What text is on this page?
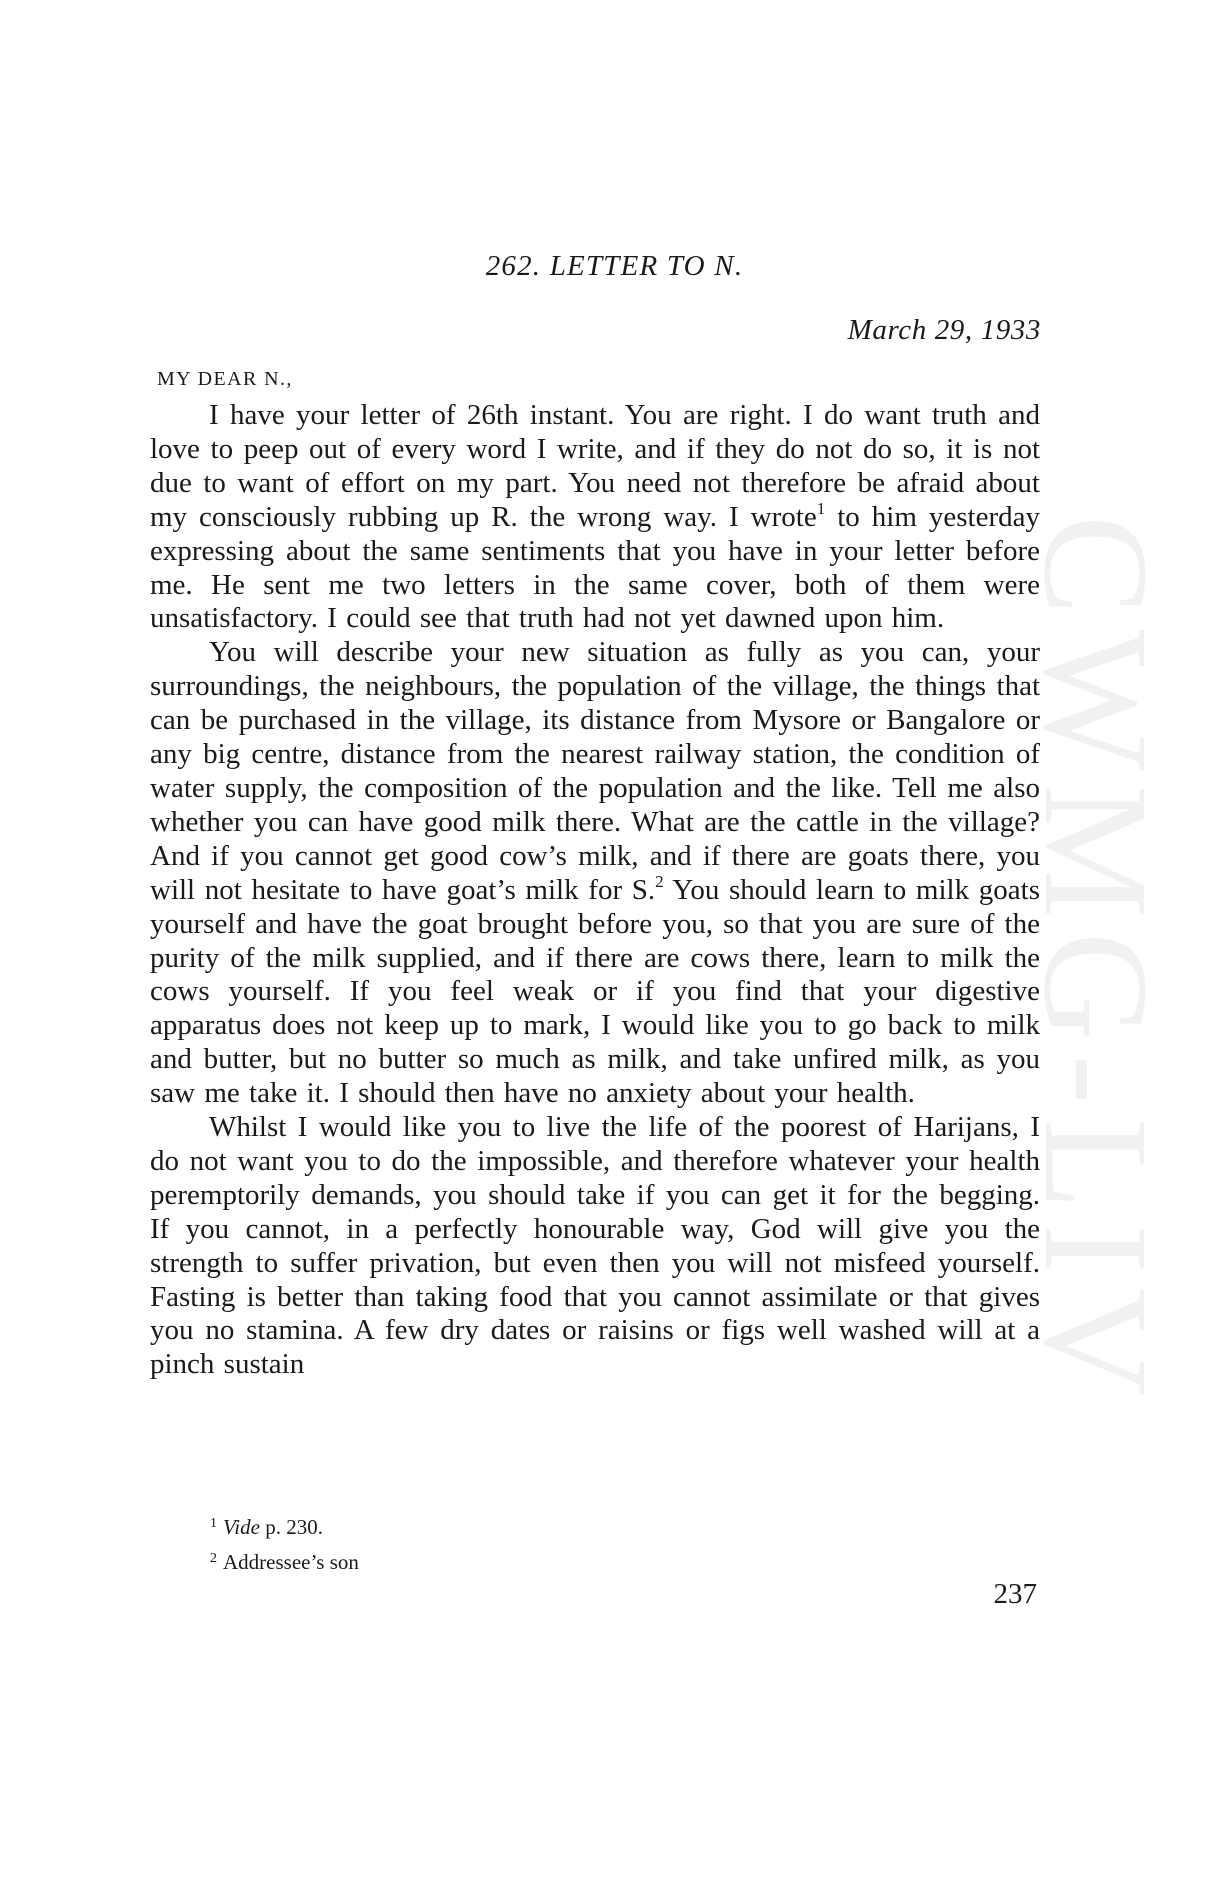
CWMG-LIV
262. LETTER TO N.
March 29, 1933
MY DEAR N.,

I have your letter of 26th instant. You are right. I do want truth and love to peep out of every word I write, and if they do not do so, it is not due to want of effort on my part. You need not therefore be afraid about my consciously rubbing up R. the wrong way. I wrote$^1$ to him yesterday expressing about the same sentiments that you have in your letter before me. He sent me two letters in the same cover, both of them were unsatisfactory. I could see that truth had not yet dawned upon him.

You will describe your new situation as fully as you can, your surroundings, the neighbours, the population of the village, the things that can be purchased in the village, its distance from Mysore or Bangalore or any big centre, distance from the nearest railway station, the condition of water supply, the composition of the population and the like. Tell me also whether you can have good milk there. What are the cattle in the village? And if you cannot get good cow’s milk, and if there are goats there, you will not hesitate to have goat’s milk for S.$^2$ You should learn to milk goats yourself and have the goat brought before you, so that you are sure of the purity of the milk supplied, and if there are cows there, learn to milk the cows yourself. If you feel weak or if you find that your digestive apparatus does not keep up to mark, I would like you to go back to milk and butter, but no butter so much as milk, and take unfired milk, as you saw me take it. I should then have no anxiety about your health.

Whilst I would like you to live the life of the poorest of Harijans, I do not want you to do the impossible, and therefore whatever your health peremptorily demands, you should take if you can get it for the begging. If you cannot, in a perfectly honourable way, God will give you the strength to suffer privation, but even then you will not misfeed yourself. Fasting is better than taking food that you cannot assimilate or that gives you no stamina. A few dry dates or raisins or figs well washed will at a pinch sustain

$^1$ Vide p. 230.
$^2$ Addressee’s son
237
